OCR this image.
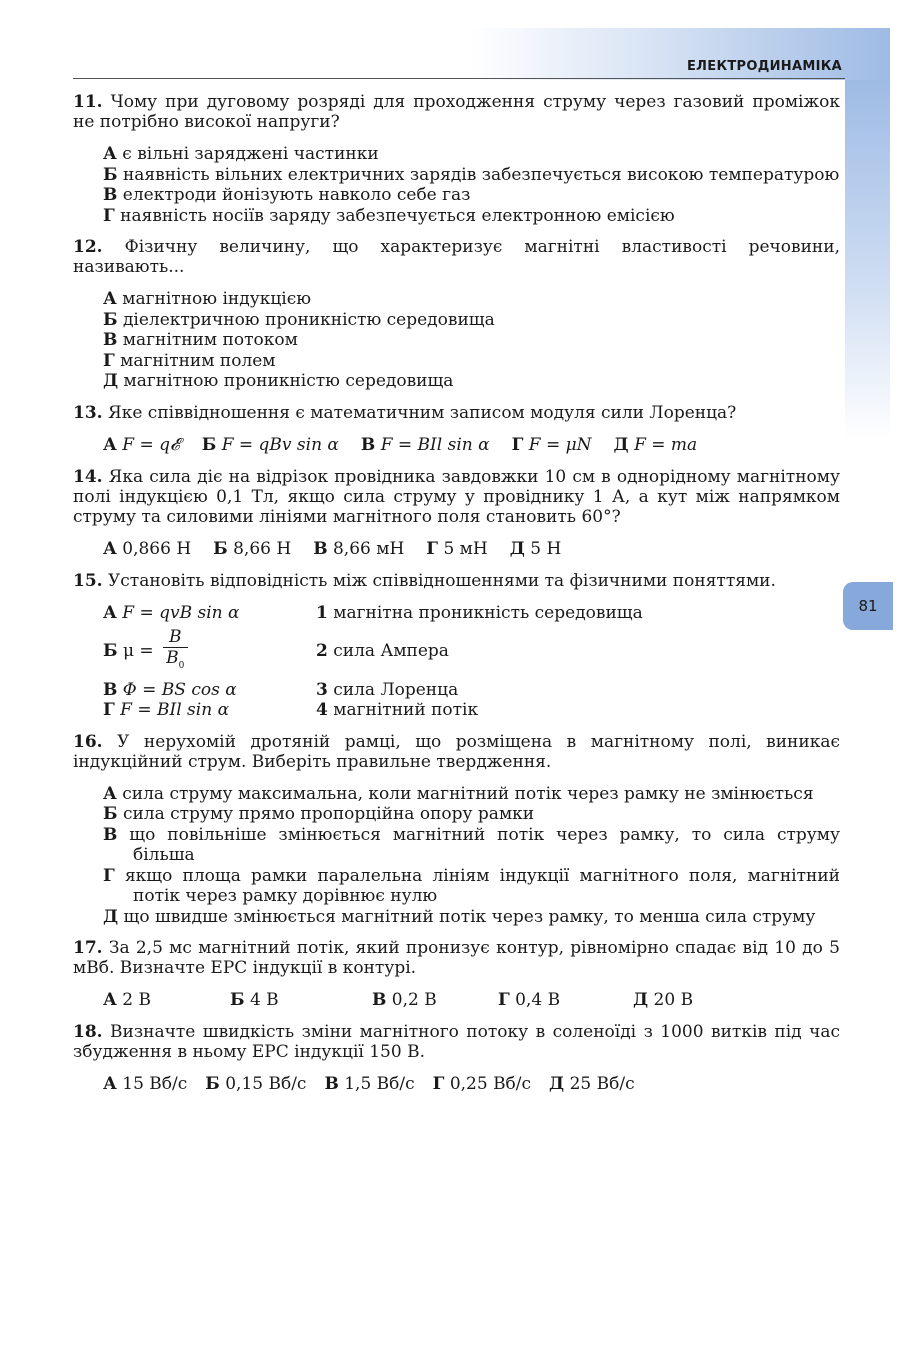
ЕЛЕКТРОДИНАМІКА
81
11. Чому при дуговому розряді для проходження струму через газовий проміжок не потрібно високої напруги?
А є вільні заряджені частинки
Б наявність вільних електричних зарядів забезпечується високою температурою
В електроди йонізують навколо себе газ
Г наявність носіїв заряду забезпечується електронною емісією
12. Фізичну величину, що характеризує магнітні властивості речовини, називають...
А магнітною індукцією
Б діелектричною проникністю середовища
В магнітним потоком
Г магнітним полем
Д магнітною проникністю середовища
13. Яке співвідношення є математичним записом модуля сили Лоренца?
А F = q𝓔 Б F = qBv sin α В F = BIl sin α Г F = μN Д F = ma
14. Яка сила діє на відрізок провідника завдовжки 10 см в однорідному магнітному полі індукцією 0,1 Тл, якщо сила струму у провіднику 1 А, а кут між напрямком струму та силовими лініями магнітного поля становить 60°?
А 0,866 Н Б 8,66 Н В 8,66 мН Г 5 мН Д 5 Н
15. Установіть відповідність між співвідношеннями та фізичними поняттями.
А F = qvB sin α	1 магнітна проникність середовища
Б $\mu = \frac{B}{B_0}$	2 сила Ампера
В Φ = BS cos α	3 сила Лоренца
Г F = BIl sin α	4 магнітний потік
16. У нерухомій дротяній рамці, що розміщена в магнітному полі, виникає індукційний струм. Виберіть правильне твердження.
А сила струму максимальна, коли магнітний потік через рамку не змінюється
Б сила струму прямо пропорційна опору рамки
В що повільніше змінюється магнітний потік через рамку, то сила струму більша
Г якщо площа рамки паралельна лініям індукції магнітного поля, магнітний потік через рамку дорівнює нулю
Д що швидше змінюється магнітний потік через рамку, то менша сила струму
17. За 2,5 мс магнітний потік, який пронизує контур, рівномірно спадає від 10 до 5 мВб. Визначте ЕРС індукції в контурі.
А 2 В	Б 4 В	В 0,2 В	Г 0,4 В	Д 20 В
18. Визначте швидкість зміни магнітного потоку в соленоїді з 1000 витків під час збудження в ньому ЕРС індукції 150 В.
А 15 Вб/с Б 0,15 Вб/с В 1,5 Вб/с Г 0,25 Вб/с Д 25 Вб/с
